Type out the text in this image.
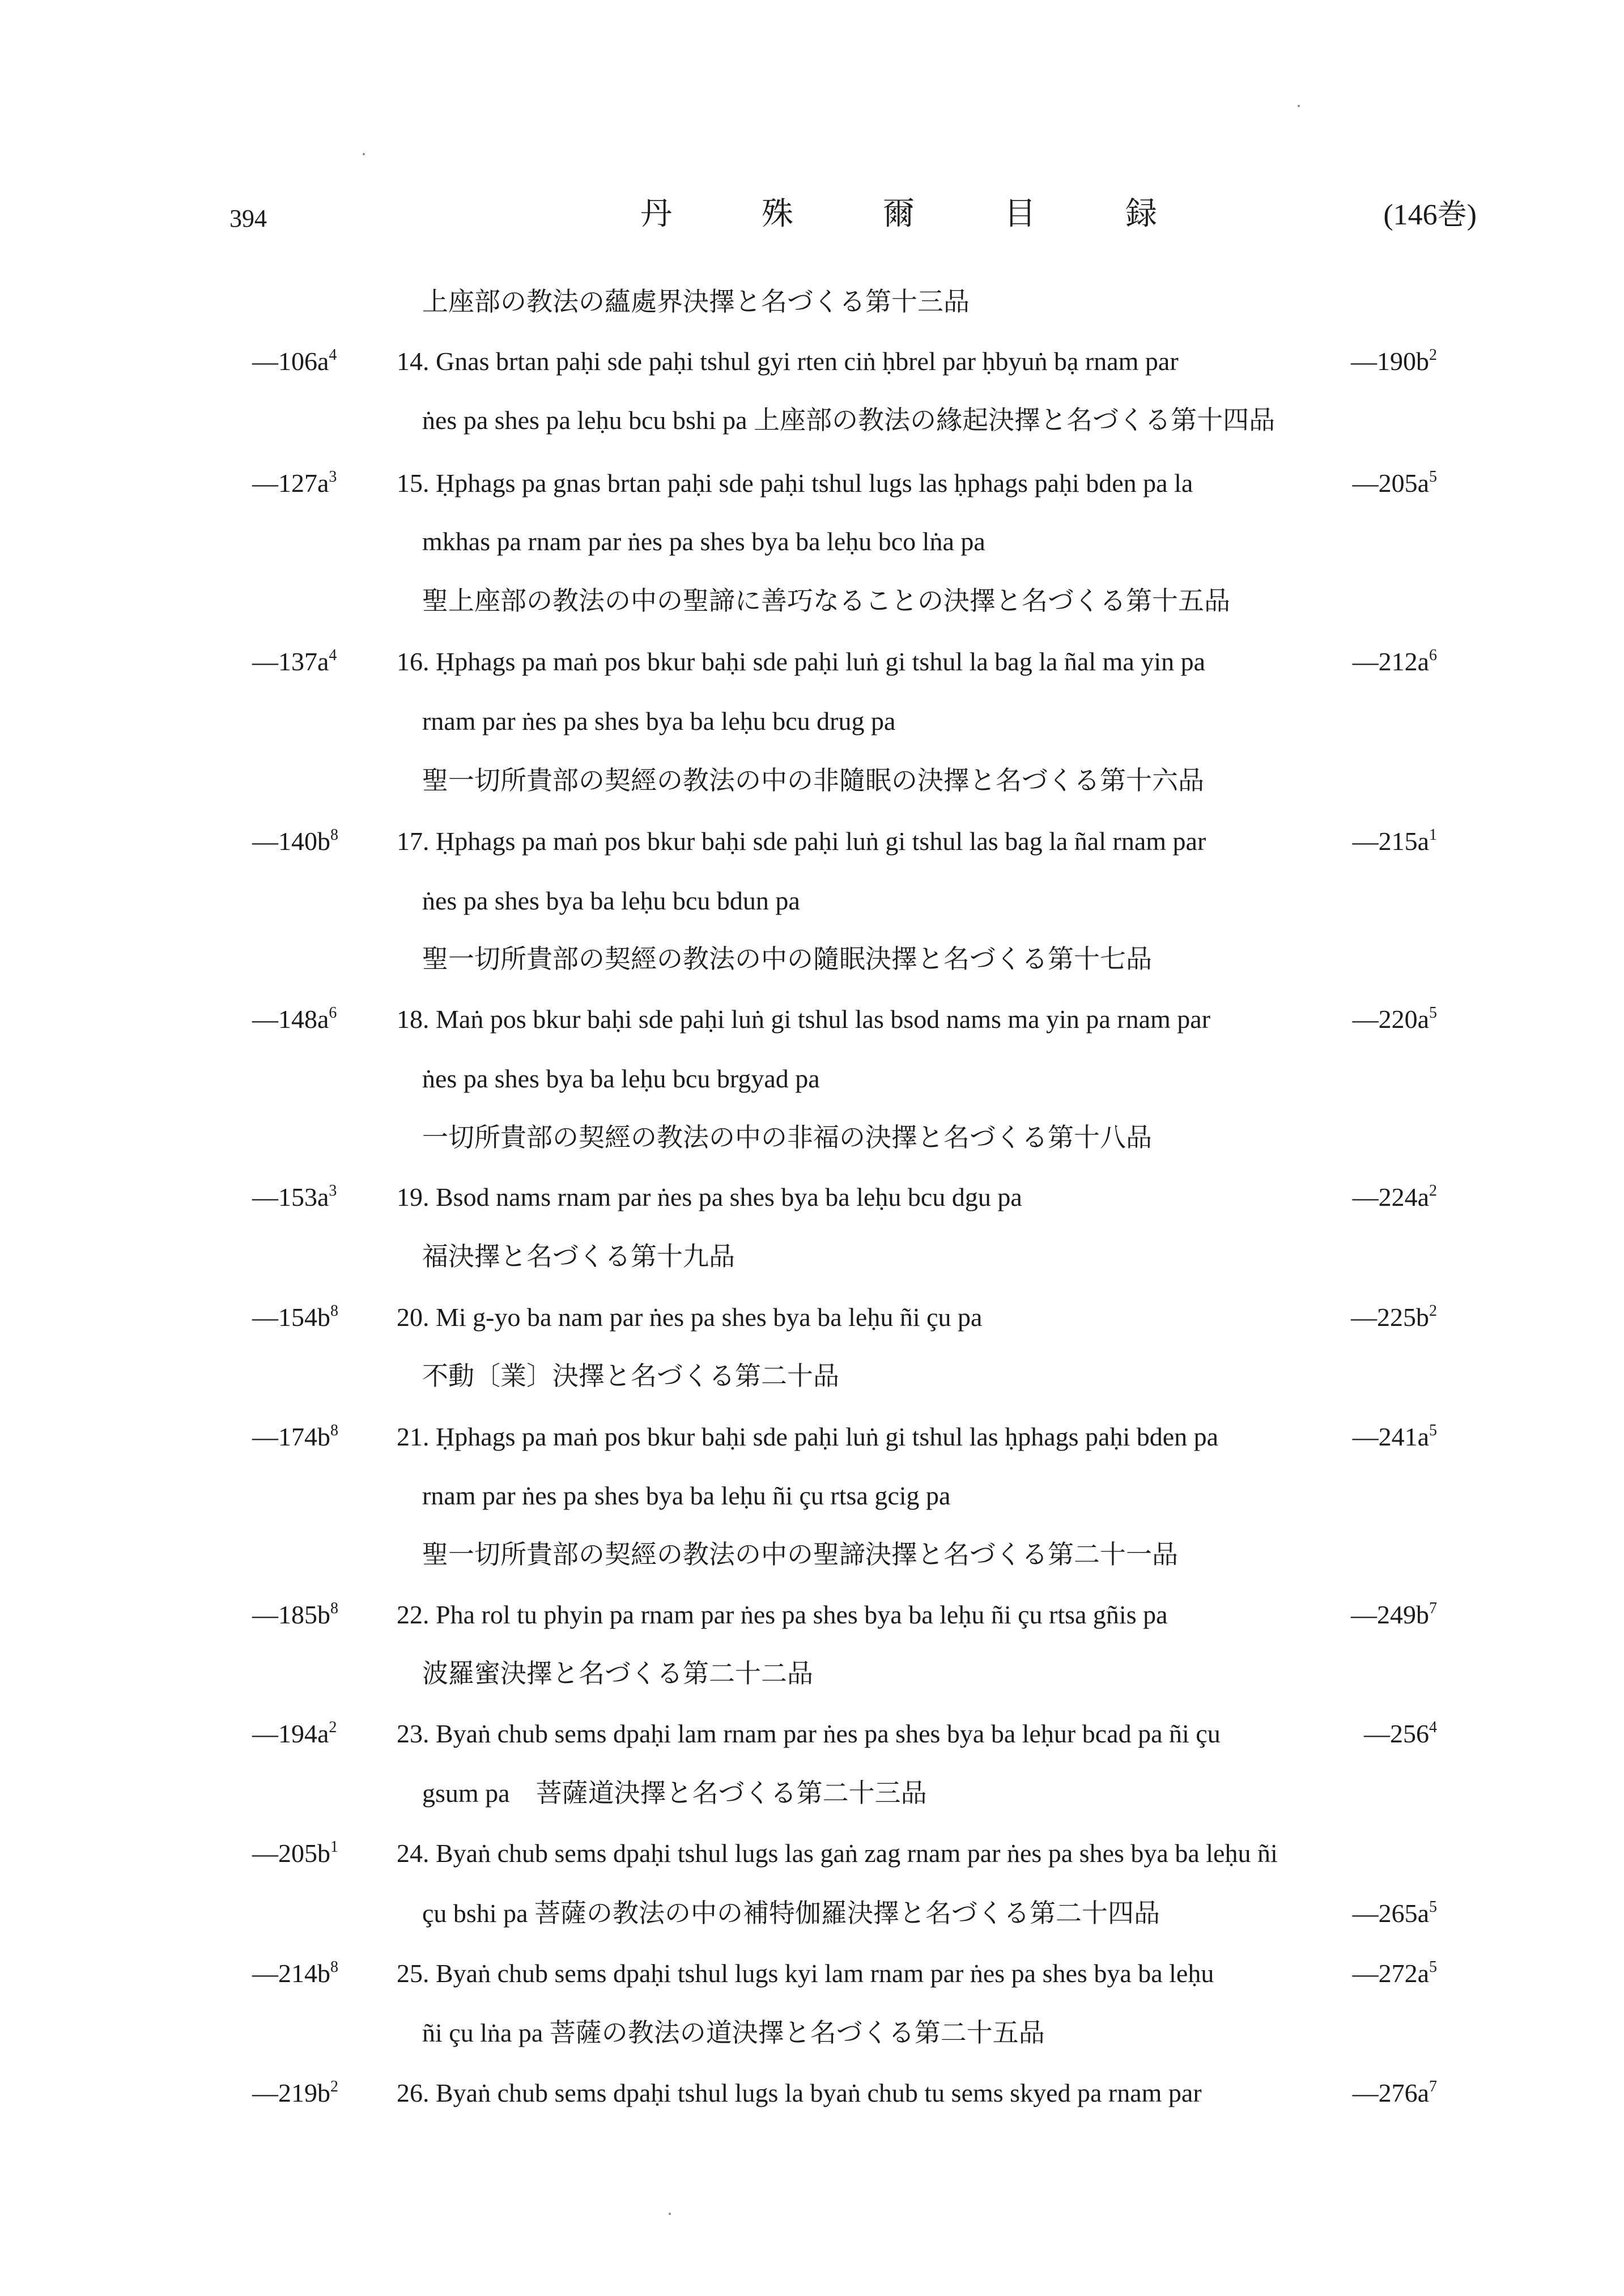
394	丹 殊 爾 目 録	(146巻)
上座部の教法の蘊處界決擇と名づくる第十三品
$—106a^4$ 14. Gnas brtan paḥi sde paḥi tshul gyi rten ciṅ ḥbrel par ḥbyuṅ bạ rnam par	$—190b^2$
ṅes pa shes pa leḥu bcu bshi pa 上座部の教法の緣起決擇と名づくる第十四品
$—127a^3$ 15. Ḥphags pa gnas brtan paḥi sde paḥi tshul lugs las ḥphags paḥi bden pa la	$—205a^5$
mkhas pa rnam par ṅes pa shes bya ba leḥu bco lṅa pa
聖上座部の教法の中の聖諦に善巧なることの決擇と名づくる第十五品
$—137a^4$ 16. Ḥphags pa maṅ pos bkur baḥi sde paḥi luṅ gi tshul la bag la ñal ma yin pa	$—212a^6$
rnam par ṅes pa shes bya ba leḥu bcu drug pa
聖一切所貴部の契經の教法の中の非隨眠の決擇と名づくる第十六品
$—140b^8$ 17. Ḥphags pa maṅ pos bkur baḥi sde paḥi luṅ gi tshul las bag la ñal rnam par	$—215a^1$
ṅes pa shes bya ba leḥu bcu bdun pa
聖一切所貴部の契經の教法の中の隨眠決擇と名づくる第十七品
$—148a^6$ 18. Maṅ pos bkur baḥi sde paḥi luṅ gi tshul las bsod nams ma yin pa rnam par	$—220a^5$
ṅes pa shes bya ba leḥu bcu brgyad pa
一切所貴部の契經の教法の中の非福の決擇と名づくる第十八品
$—153a^3$ 19. Bsod nams rnam par ṅes pa shes bya ba leḥu bcu dgu pa	$—224a^2$
福決擇と名づくる第十九品
$—154b^8$ 20. Mi g-yo ba nam par ṅes pa shes bya ba leḥu ñi çu pa	$—225b^2$
不動〔業〕決擇と名づくる第二十品
$—174b^8$ 21. Ḥphags pa maṅ pos bkur baḥi sde paḥi luṅ gi tshul las ḥphags paḥi bden pa	$—241a^5$
rnam par ṅes pa shes bya ba leḥu ñi çu rtsa gcig pa
聖一切所貴部の契經の教法の中の聖諦決擇と名づくる第二十一品
$—185b^8$ 22. Pha rol tu phyin pa rnam par ṅes pa shes bya ba leḥu ñi çu rtsa gñis pa	$—249b^7$
波羅蜜決擇と名づくる第二十二品
$—194a^2$ 23. Byaṅ chub sems dpaḥi lam rnam par ṅes pa shes bya ba leḥur bcad pa ñi çu	$—256^4$
gsum pa　菩薩道決擇と名づくる第二十三品
$—205b^1$ 24. Byaṅ chub sems dpaḥi tshul lugs las gaṅ zag rnam par ṅes pa shes bya ba leḥu ñi
çu bshi pa 菩薩の教法の中の補特伽羅決擇と名づくる第二十四品	$—265a^5$
$—214b^8$ 25. Byaṅ chub sems dpaḥi tshul lugs kyi lam rnam par ṅes pa shes bya ba leḥu	$—272a^5$
ñi çu lṅa pa 菩薩の教法の道決擇と名づくる第二十五品
$—219b^2$ 26. Byaṅ chub sems dpaḥi tshul lugs la byaṅ chub tu sems skyed pa rnam par	$—276a^7$
